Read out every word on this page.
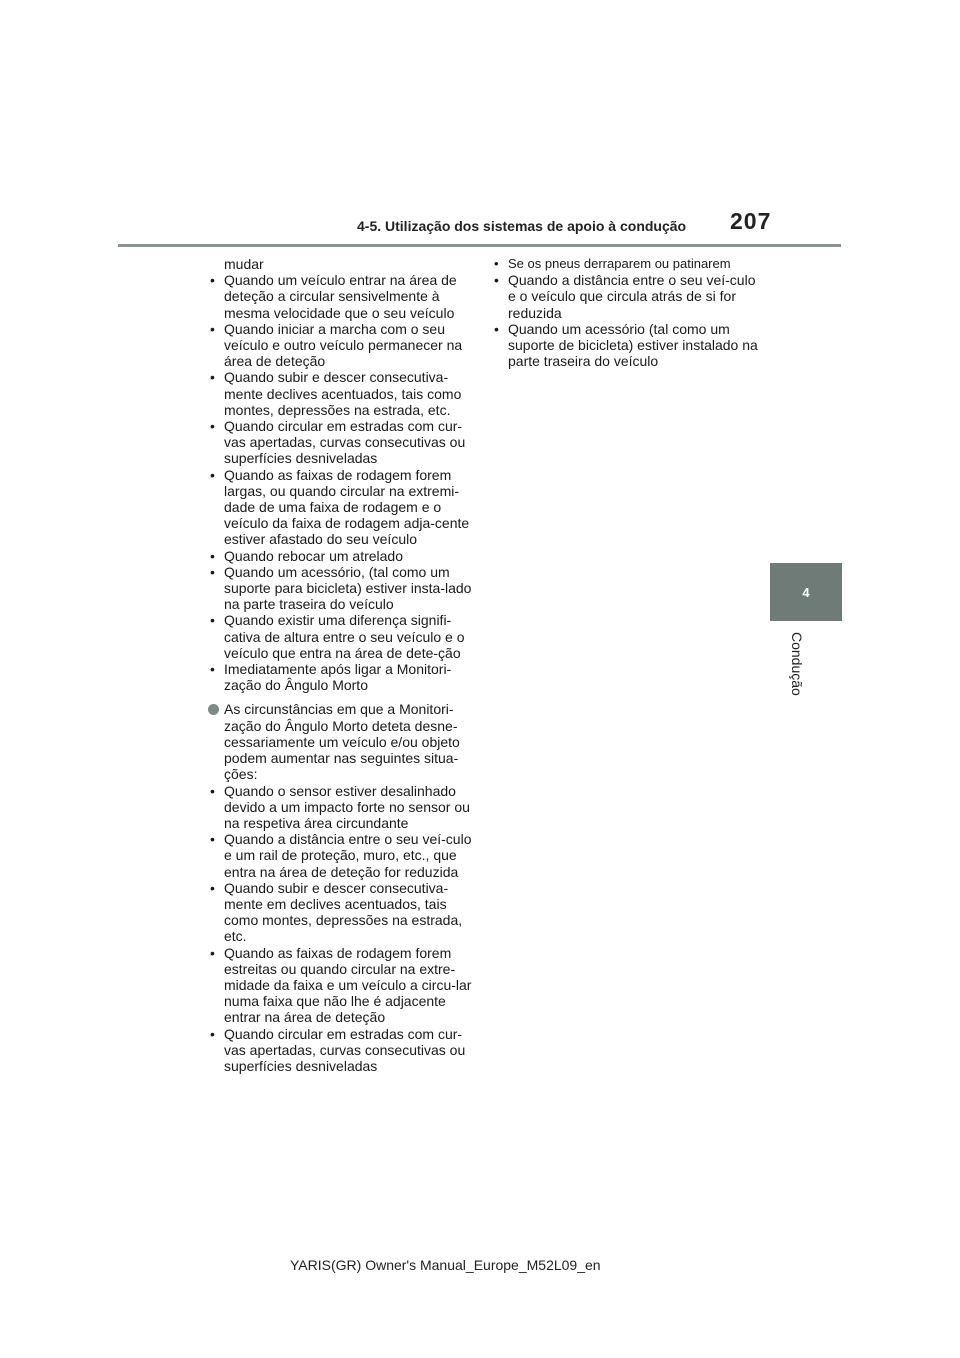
4-5. Utilização dos sistemas de apoio à condução 207
4
Condução

mudar

• Quando um veículo entrar na área de deteção a circular sensivelmente à mesma velocidade que o seu veículo

• Quando iniciar a marcha com o seu veículo e outro veículo permanecer na área de deteção

• Quando subir e descer consecutiva-mente declives acentuados, tais como montes, depressões na estrada, etc.

• Quando circular em estradas com cur-vas apertadas, curvas consecutivas ou superfícies desniveladas

• Quando as faixas de rodagem forem largas, ou quando circular na extremi-dade de uma faixa de rodagem e o veículo da faixa de rodagem adja-cente estiver afastado do seu veículo

• Quando rebocar um atrelado

• Quando um acessório, (tal como um suporte para bicicleta) estiver insta-lado na parte traseira do veículo

• Quando existir uma diferença signifi-cativa de altura entre o seu veículo e o veículo que entra na área de dete-ção

• Imediatamente após ligar a Monitori-zação do Ângulo Morto

As circunstâncias em que a Monitori-zação do Ângulo Morto deteta desne-cessariamente um veículo e/ou objeto podem aumentar nas seguintes situa-ções:

• Quando o sensor estiver desalinhado devido a um impacto forte no sensor ou na respetiva área circundante

• Quando a distância entre o seu veí-culo e um rail de proteção, muro, etc., que entra na área de deteção for reduzida

• Quando subir e descer consecutiva-mente em declives acentuados, tais como montes, depressões na estrada, etc.

• Quando as faixas de rodagem forem estreitas ou quando circular na extre-midade da faixa e um veículo a circu-lar numa faixa que não lhe é adjacente entrar na área de deteção

• Quando circular em estradas com cur-vas apertadas, curvas consecutivas ou superfícies desniveladas

• Se os pneus derraparem ou patinarem

• Quando a distância entre o seu veí-culo e o veículo que circula atrás de si for reduzida

• Quando um acessório (tal como um suporte de bicicleta) estiver instalado na parte traseira do veículo

YARIS(GR) Owner's Manual_Europe_M52L09_en
